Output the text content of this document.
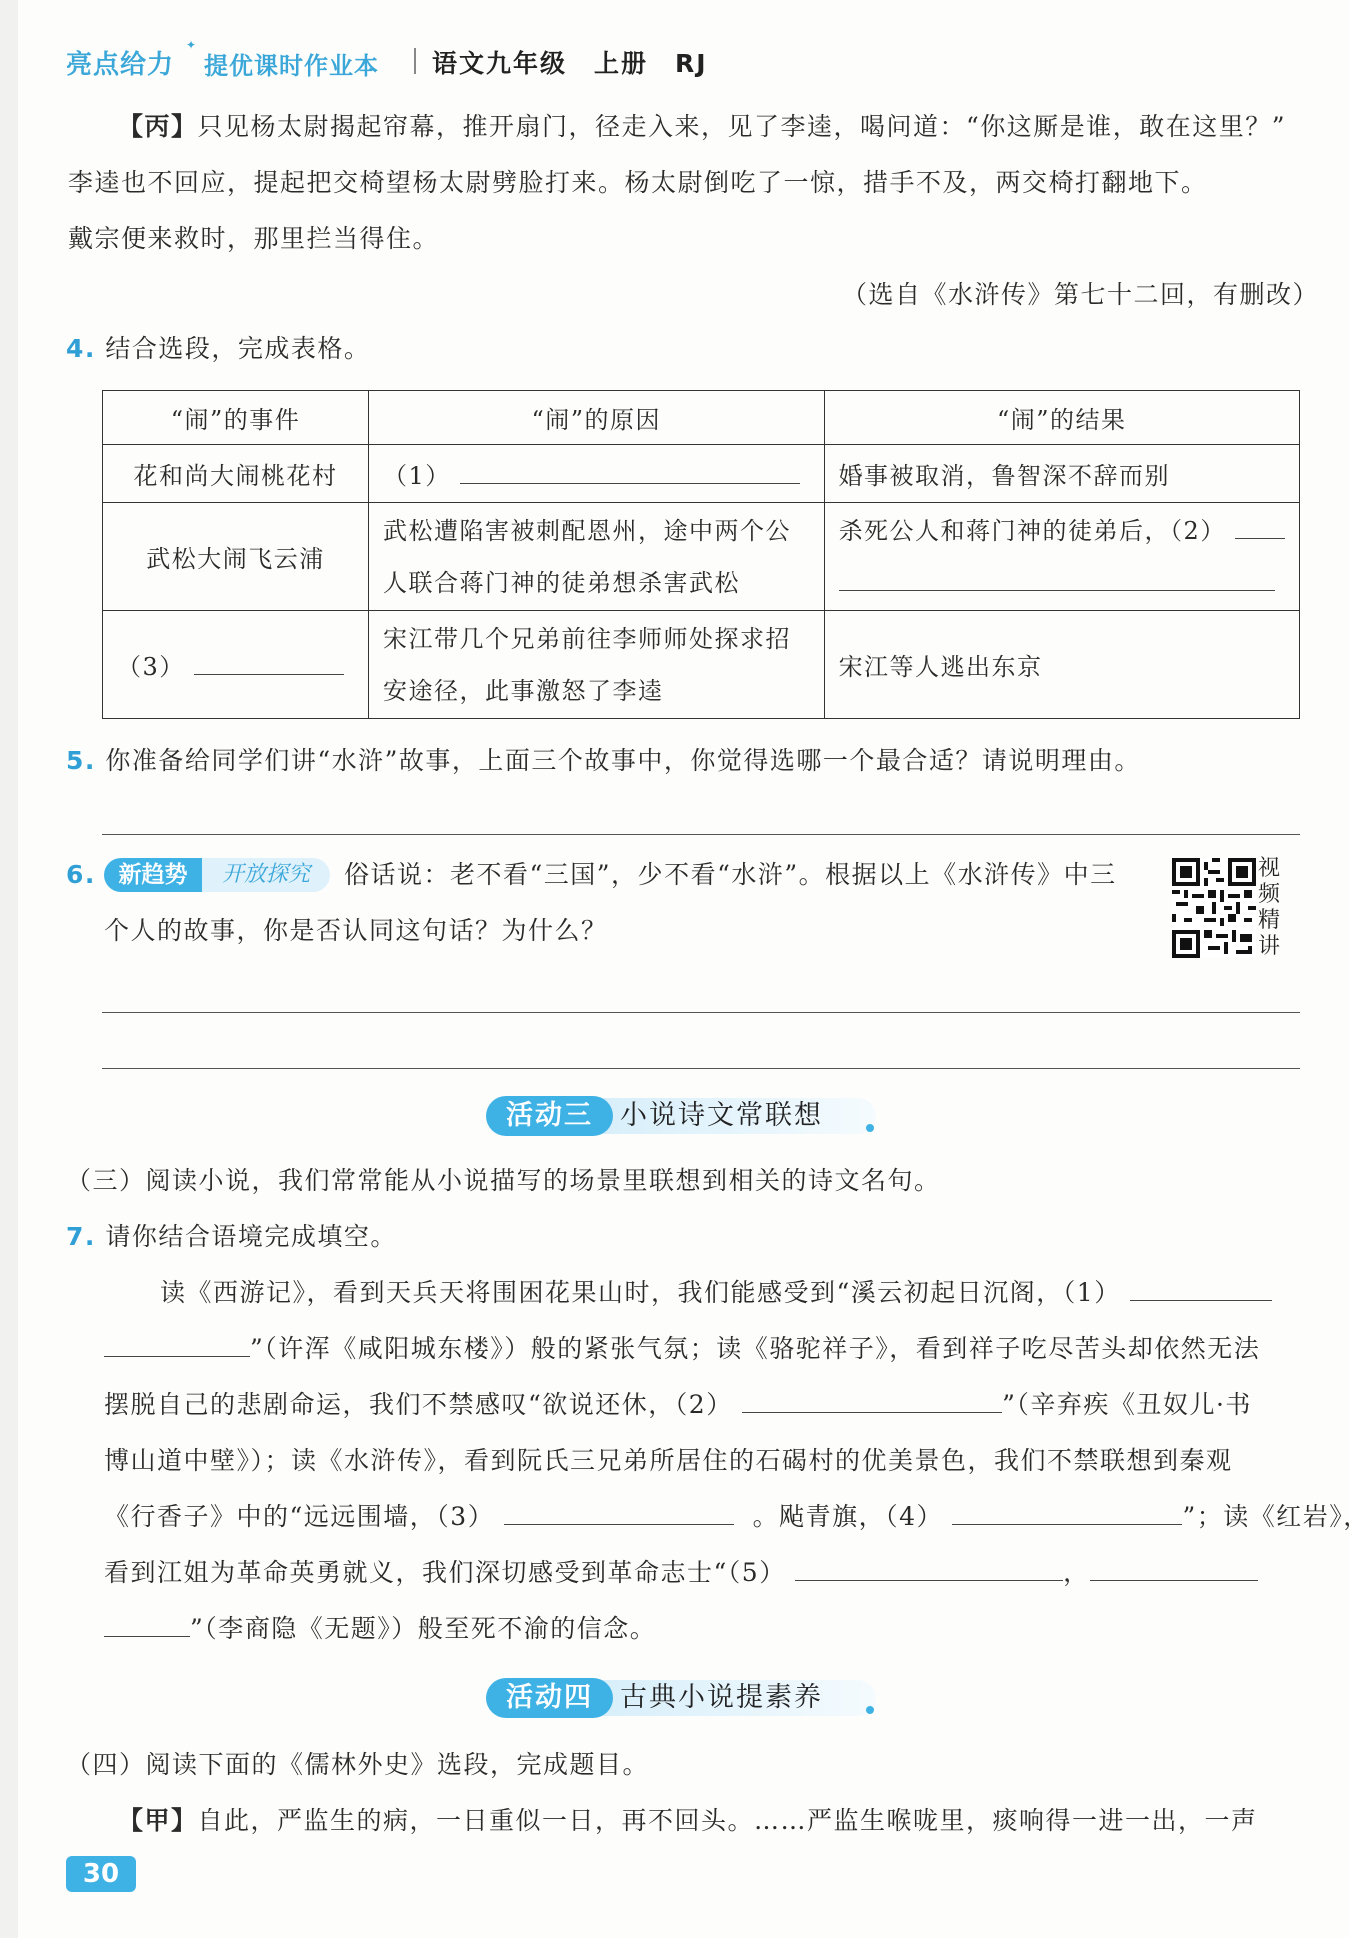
亮点给力
✦
提优课时作业本 语文九年级　上册　RJ
【丙】只见杨太尉揭起帘幕，推开扇门，径走入来，见了李逵，喝问道：“你这厮是谁，敢在这里？”
李逵也不回应，提起把交椅望杨太尉劈脸打来。杨太尉倒吃了一惊，措手不及，两交椅打翻地下。
戴宗便来救时，那里拦当得住。
（选自《水浒传》第七十二回，有删改）
4. 结合选段，完成表格。
“闹”的事件	“闹”的原因	“闹”的结果
花和尚大闹桃花村	（1）	婚事被取消，鲁智深不辞而别
武松大闹飞云浦	武松遭陷害被刺配恩州，途中两个公
人联合蒋门神的徒弟想杀害武松	杀死公人和蒋门神的徒弟后，（2）

（3）	宋江带几个兄弟前往李师师处探求招
安途径，此事激怒了李逵	宋江等人逃出东京
5. 你准备给同学们讲“水浒”故事，上面三个故事中，你觉得选哪一个最合适？请说明理由。
6. 新趋势	开放探究	俗话说：老不看“三国”，少不看“水浒”。根据以上《水浒传》中三
个人的故事，你是否认同这句话？为什么？
视频精讲
活动三	小说诗文常联想
（三）阅读小说，我们常常能从小说描写的场景里联想到相关的诗文名句。
7. 请你结合语境完成填空。
读《西游记》，看到天兵天将围困花果山时，我们能感受到“溪云初起日沉阁，（1）
”（许浑《咸阳城东楼》）般的紧张气氛；读《骆驼祥子》，看到祥子吃尽苦头却依然无法
摆脱自己的悲剧命运，我们不禁感叹“欲说还休，（2）	”（辛弃疾《丑奴儿·书
博山道中壁》）；读《水浒传》，看到阮氏三兄弟所居住的石碣村的优美景色，我们不禁联想到秦观
《行香子》中的“远远围墙，（3）	。飐青旗，（4）	”；读《红岩》，
看到江姐为革命英勇就义，我们深切感受到革命志士“（5）	，
”（李商隐《无题》）般至死不渝的信念。
活动四	古典小说提素养
（四）阅读下面的《儒林外史》选段，完成题目。
【甲】自此，严监生的病，一日重似一日，再不回头。……严监生喉咙里，痰响得一进一出，一声
30
